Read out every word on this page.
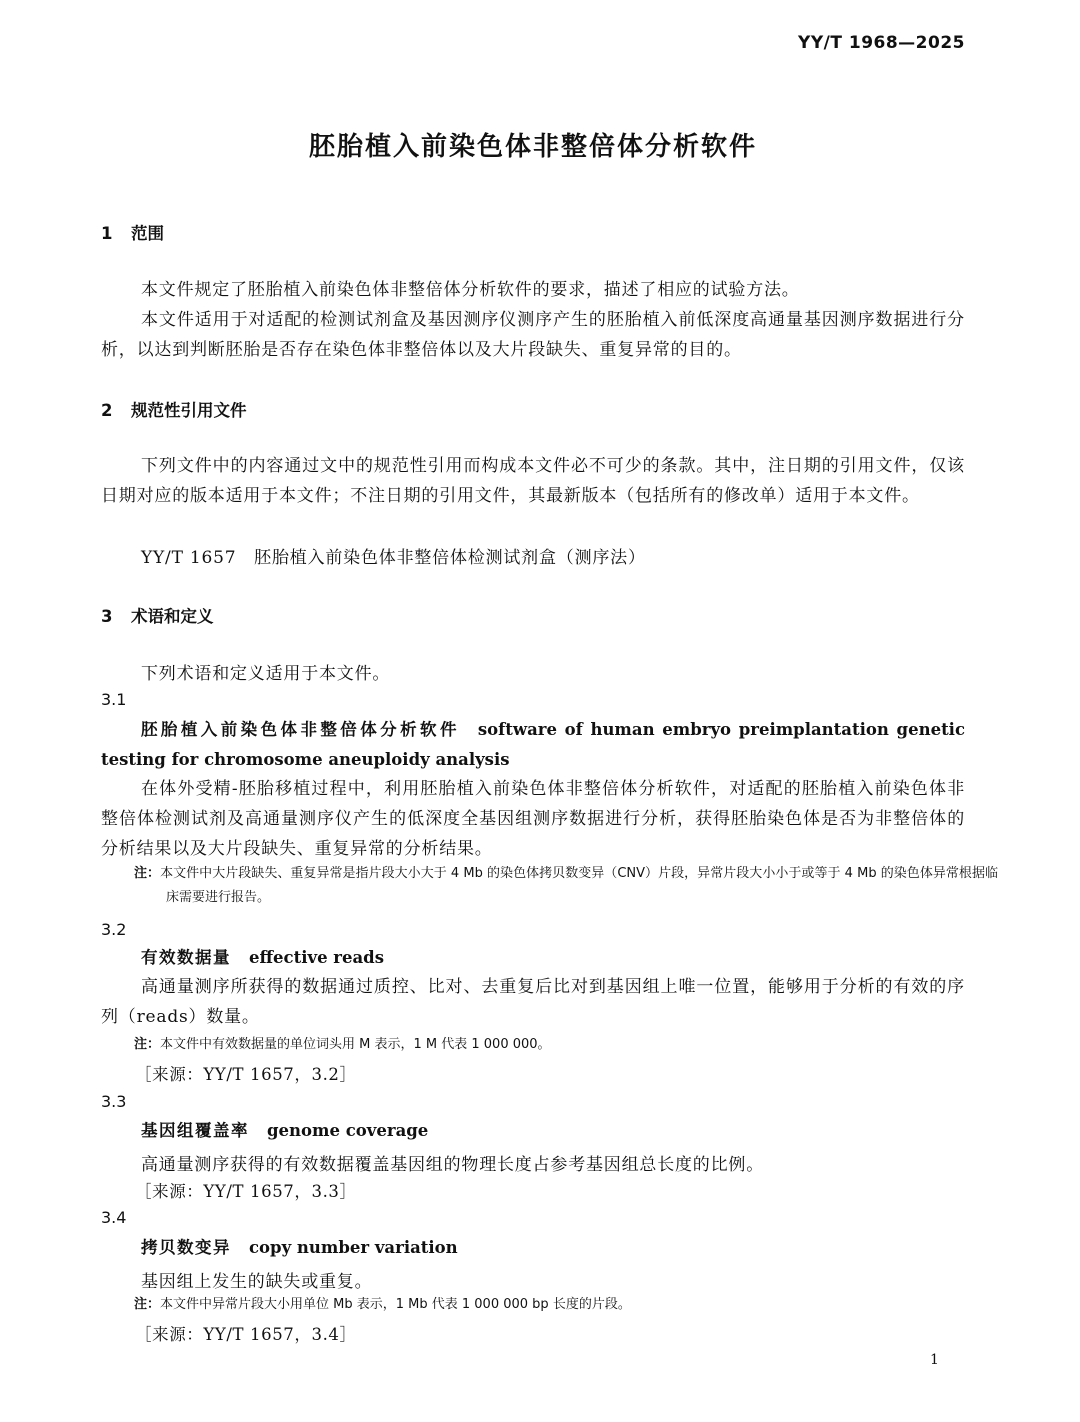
YY/T 1968—2025
胚胎植入前染色体非整倍体分析软件
1 范围
本文件规定了胚胎植入前染色体非整倍体分析软件的要求，描述了相应的试验方法。
本文件适用于对适配的检测试剂盒及基因测序仪测序产生的胚胎植入前低深度高通量基因测序数据进行分析，以达到判断胚胎是否存在染色体非整倍体以及大片段缺失、重复异常的目的。
2 规范性引用文件
下列文件中的内容通过文中的规范性引用而构成本文件必不可少的条款。其中，注日期的引用文件，仅该日期对应的版本适用于本文件；不注日期的引用文件，其最新版本（包括所有的修改单）适用于本文件。
YY/T 1657　胚胎植入前染色体非整倍体检测试剂盒（测序法）
3 术语和定义
下列术语和定义适用于本文件。
3.1
胚胎植入前染色体非整倍体分析软件 software of human embryo preimplantation genetic testing for chromosome aneuploidy analysis
在体外受精-胚胎移植过程中，利用胚胎植入前染色体非整倍体分析软件，对适配的胚胎植入前染色体非整倍体检测试剂及高通量测序仪产生的低深度全基因组测序数据进行分析，获得胚胎染色体是否为非整倍体的分析结果以及大片段缺失、重复异常的分析结果。
注：本文件中大片段缺失、重复异常是指片段大小大于 4 Mb 的染色体拷贝数变异（CNV）片段，异常片段大小小于或等于 4 Mb 的染色体异常根据临床需要进行报告。
3.2
有效数据量 effective reads
高通量测序所获得的数据通过质控、比对、去重复后比对到基因组上唯一位置，能够用于分析的有效的序列（reads）数量。
注：本文件中有效数据量的单位词头用 M 表示，1 M 代表 1 000 000。
［来源：YY/T 1657，3.2］
3.3
基因组覆盖率 genome coverage
高通量测序获得的有效数据覆盖基因组的物理长度占参考基因组总长度的比例。
［来源：YY/T 1657，3.3］
3.4
拷贝数变异 copy number variation
基因组上发生的缺失或重复。
注：本文件中异常片段大小用单位 Mb 表示，1 Mb 代表 1 000 000 bp 长度的片段。
［来源：YY/T 1657，3.4］
1
